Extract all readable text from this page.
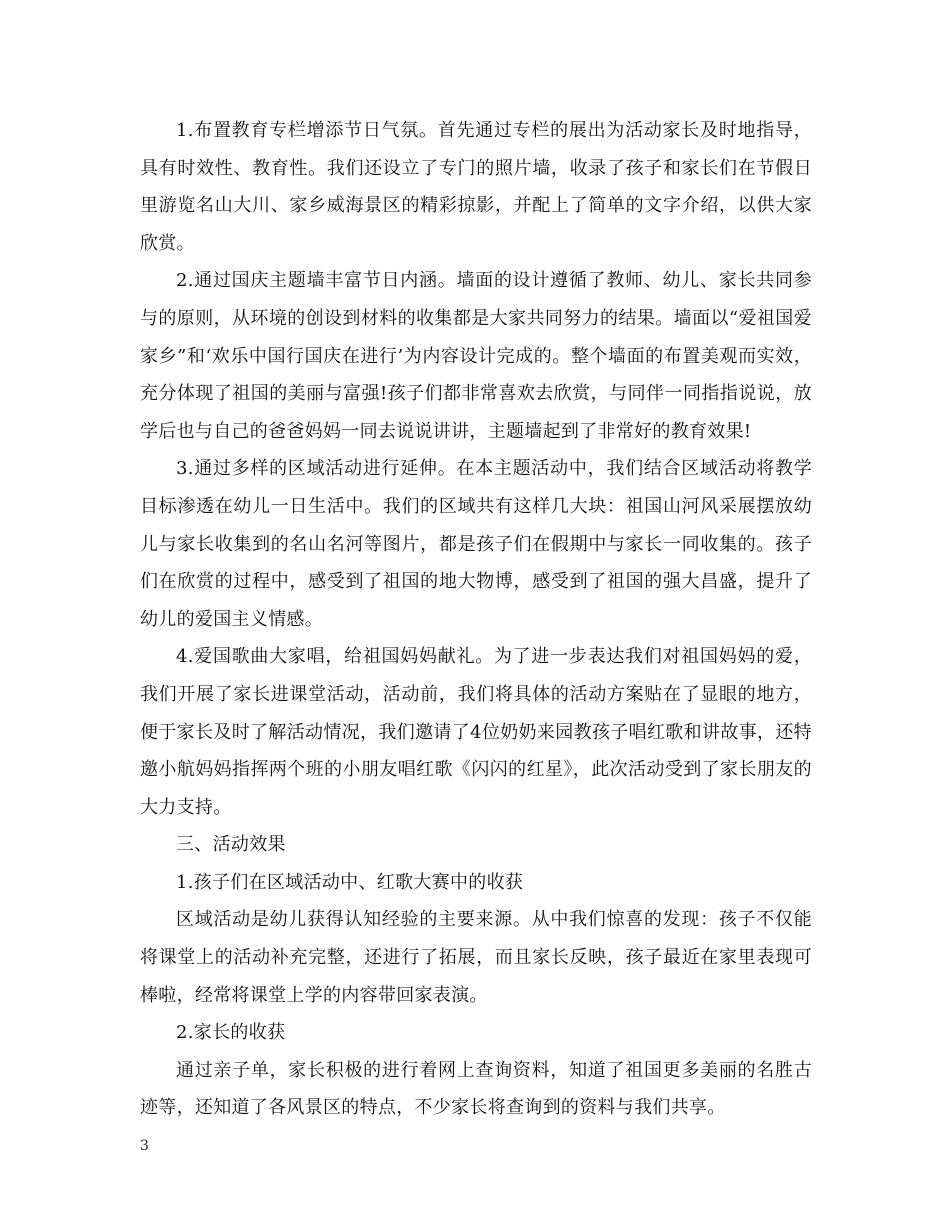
1.布置教育专栏增添节日气氛。首先通过专栏的展出为活动家长及时地指导，具有时效性、教育性。我们还设立了专门的照片墙，收录了孩子和家长们在节假日里游览名山大川、家乡威海景区的精彩掠影，并配上了简单的文字介绍，以供大家欣赏。

2.通过国庆主题墙丰富节日内涵。墙面的设计遵循了教师、幼儿、家长共同参与的原则，从环境的创设到材料的收集都是大家共同努力的结果。墙面以“爱祖国爱家乡”和‘欢乐中国行国庆在进行’为内容设计完成的。整个墙面的布置美观而实效，充分体现了祖国的美丽与富强!孩子们都非常喜欢去欣赏，与同伴一同指指说说，放学后也与自己的爸爸妈妈一同去说说讲讲，主题墙起到了非常好的教育效果!

3.通过多样的区域活动进行延伸。在本主题活动中，我们结合区域活动将教学目标渗透在幼儿一日生活中。我们的区域共有这样几大块：祖国山河风采展摆放幼儿与家长收集到的名山名河等图片，都是孩子们在假期中与家长一同收集的。孩子们在欣赏的过程中，感受到了祖国的地大物博，感受到了祖国的强大昌盛，提升了幼儿的爱国主义情感。

4.爱国歌曲大家唱，给祖国妈妈献礼。为了进一步表达我们对祖国妈妈的爱，我们开展了家长进课堂活动，活动前，我们将具体的活动方案贴在了显眼的地方，便于家长及时了解活动情况，我们邀请了4位奶奶来园教孩子唱红歌和讲故事，还特邀小航妈妈指挥两个班的小朋友唱红歌《闪闪的红星》，此次活动受到了家长朋友的大力支持。

三、活动效果

1.孩子们在区域活动中、红歌大赛中的收获

区域活动是幼儿获得认知经验的主要来源。从中我们惊喜的发现：孩子不仅能将课堂上的活动补充完整，还进行了拓展，而且家长反映，孩子最近在家里表现可棒啦，经常将课堂上学的内容带回家表演。

2.家长的收获

通过亲子单，家长积极的进行着网上查询资料，知道了祖国更多美丽的名胜古迹等，还知道了各风景区的特点，不少家长将查询到的资料与我们共享。

3
